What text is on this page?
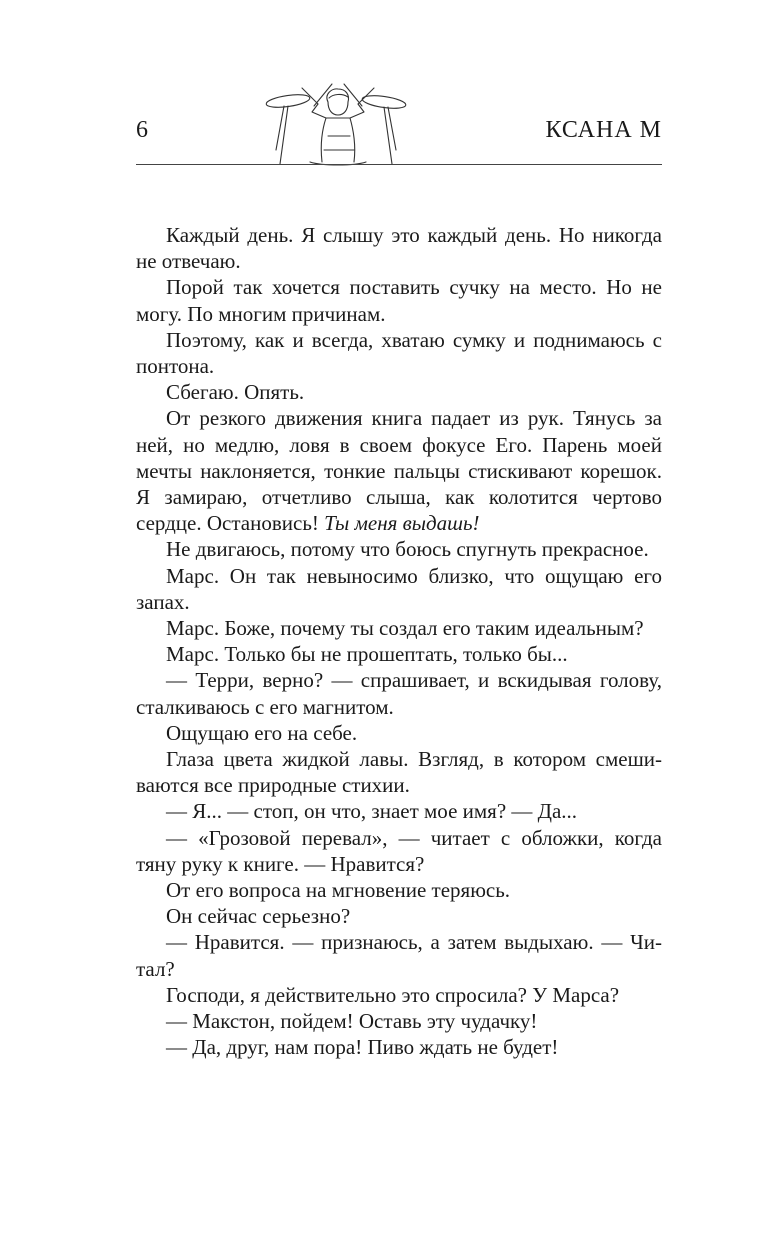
6	КСАНА М

Каждый день. Я слышу это каждый день. Но никогда не отвечаю.

Порой так хочется поставить сучку на место. Но не могу. По многим причинам.

Поэтому, как и всегда, хватаю сумку и поднимаюсь с понтона.

Сбегаю. Опять.

От резкого движения книга падает из рук. Тянусь за ней, но медлю, ловя в своем фокусе Его. Парень моей мечты наклоняется, тонкие пальцы стискивают корешок. Я замираю, отчетливо слыша, как колотится чертово сердце. Остановись! Ты меня выдашь!

Не двигаюсь, потому что боюсь спугнуть прекрасное.

Марс. Он так невыносимо близко, что ощущаю его запах.

Марс. Боже, почему ты создал его таким идеальным?

Марс. Только бы не прошептать, только бы...

— Терри, верно? — спрашивает, и вскидывая голову, сталкиваюсь с его магнитом.

Ощущаю его на себе.

Глаза цвета жидкой лавы. Взгляд, в котором смешиваются все природные стихии.

— Я... — стоп, он что, знает мое имя? — Да...

— «Грозовой перевал», — читает с обложки, когда тяну руку к книге. — Нравится?

От его вопроса на мгновение теряюсь.

Он сейчас серьезно?

— Нравится. — признаюсь, а затем выдыхаю. — Читал?

Господи, я действительно это спросила? У Марса?

— Макстон, пойдем! Оставь эту чудачку!

— Да, друг, нам пора! Пиво ждать не будет!
